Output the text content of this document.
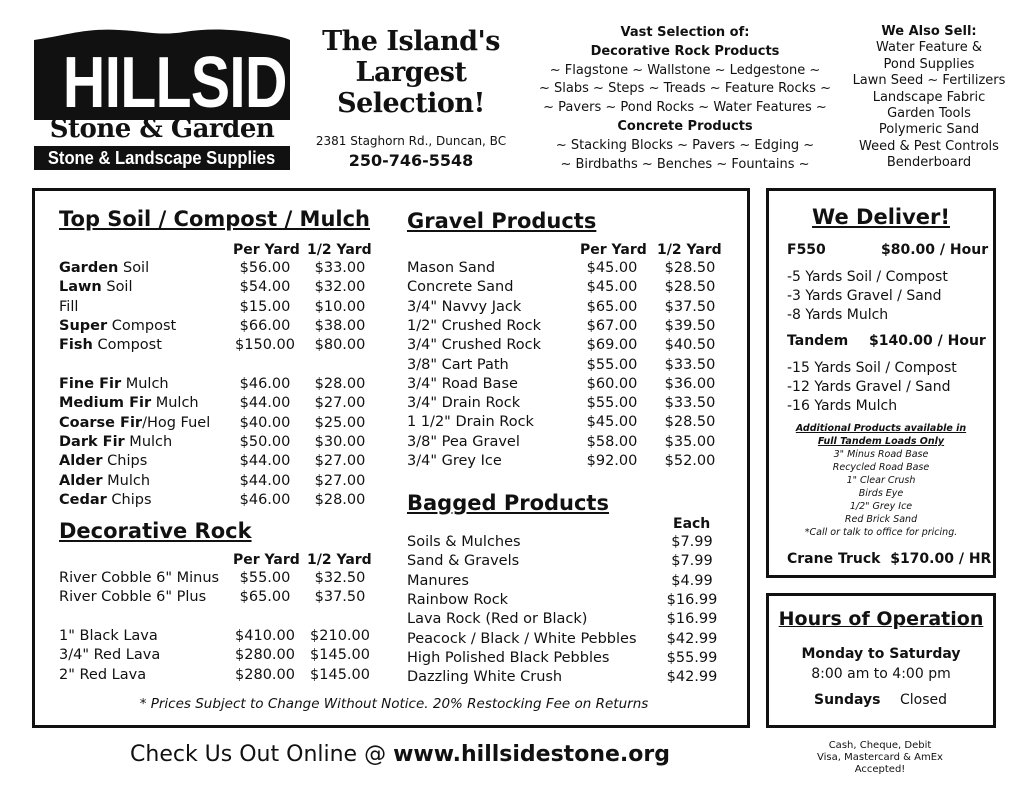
HILLSIDE
Stone & Garden
Stone & Landscape Supplies
The Island's
Largest
Selection!
2381 Staghorn Rd., Duncan, BC
250-746-5548
Vast Selection of:
Decorative Rock Products
~ Flagstone ~ Wallstone ~ Ledgestone ~
~ Slabs ~ Steps ~ Treads ~ Feature Rocks ~
~ Pavers ~ Pond Rocks ~ Water Features ~
Concrete Products
~ Stacking Blocks ~ Pavers ~ Edging ~
~ Birdbaths ~ Benches ~ Fountains ~
We Also Sell:
Water Feature &
Pond Supplies
Lawn Seed ~ Fertilizers
Landscape Fabric
Garden Tools
Polymeric Sand
Weed & Pest Controls
Benderboard
Top Soil / Compost / Mulch
Per Yard 1/2 Yard
Garden Soil	$56.00	$33.00
Lawn Soil	$54.00	$32.00
Fill	$15.00	$10.00
Super Compost	$66.00	$38.00
Fish Compost	$150.00	$80.00
Fine Fir Mulch	$46.00	$28.00
Medium Fir Mulch	$44.00	$27.00
Coarse Fir/Hog Fuel	$40.00	$25.00
Dark Fir Mulch	$50.00	$30.00
Alder Chips	$44.00	$27.00
Alder Mulch	$44.00	$27.00
Cedar Chips	$46.00	$28.00
Decorative Rock
Per Yard 1/2 Yard
River Cobble 6" Minus	$55.00	$32.50
River Cobble 6" Plus	$65.00	$37.50
1" Black Lava	$410.00	$210.00
3/4" Red Lava	$280.00	$145.00
2" Red Lava	$280.00	$145.00
Gravel Products
Per Yard 1/2 Yard
Mason Sand	$45.00	$28.50
Concrete Sand	$45.00	$28.50
3/4" Navvy Jack	$65.00	$37.50
1/2" Crushed Rock	$67.00	$39.50
3/4" Crushed Rock	$69.00	$40.50
3/8" Cart Path	$55.00	$33.50
3/4" Road Base	$60.00	$36.00
3/4" Drain Rock	$55.00	$33.50
1 1/2" Drain Rock	$45.00	$28.50
3/8" Pea Gravel	$58.00	$35.00
3/4" Grey Ice	$92.00	$52.00
Bagged Products
Each
Soils & Mulches	$7.99
Sand & Gravels	$7.99
Manures	$4.99
Rainbow Rock	$16.99
Lava Rock (Red or Black)	$16.99
Peacock / Black / White Pebbles	$42.99
High Polished Black Pebbles	$55.99
Dazzling White Crush	$42.99
* Prices Subject to Change Without Notice. 20% Restocking Fee on Returns
We Deliver!
F550	$80.00 / Hour
-5 Yards Soil / Compost
-3 Yards Gravel / Sand
-8 Yards Mulch
Tandem $140.00 / Hour
-15 Yards Soil / Compost
-12 Yards Gravel / Sand
-16 Yards Mulch
Additional Products available in
Full Tandem Loads Only
3" Minus Road Base
Recycled Road Base
1" Clear Crush
Birds Eye
1/2" Grey Ice
Red Brick Sand
*Call or talk to office for pricing.
Crane Truck  $170.00 / HR
Hours of Operation
Monday to Saturday
8:00 am to 4:00 pm
Sundays Closed
Check Us Out Online @ www.hillsidestone.org	Cash, Cheque, Debit
Visa, Mastercard & AmEx
Accepted!
